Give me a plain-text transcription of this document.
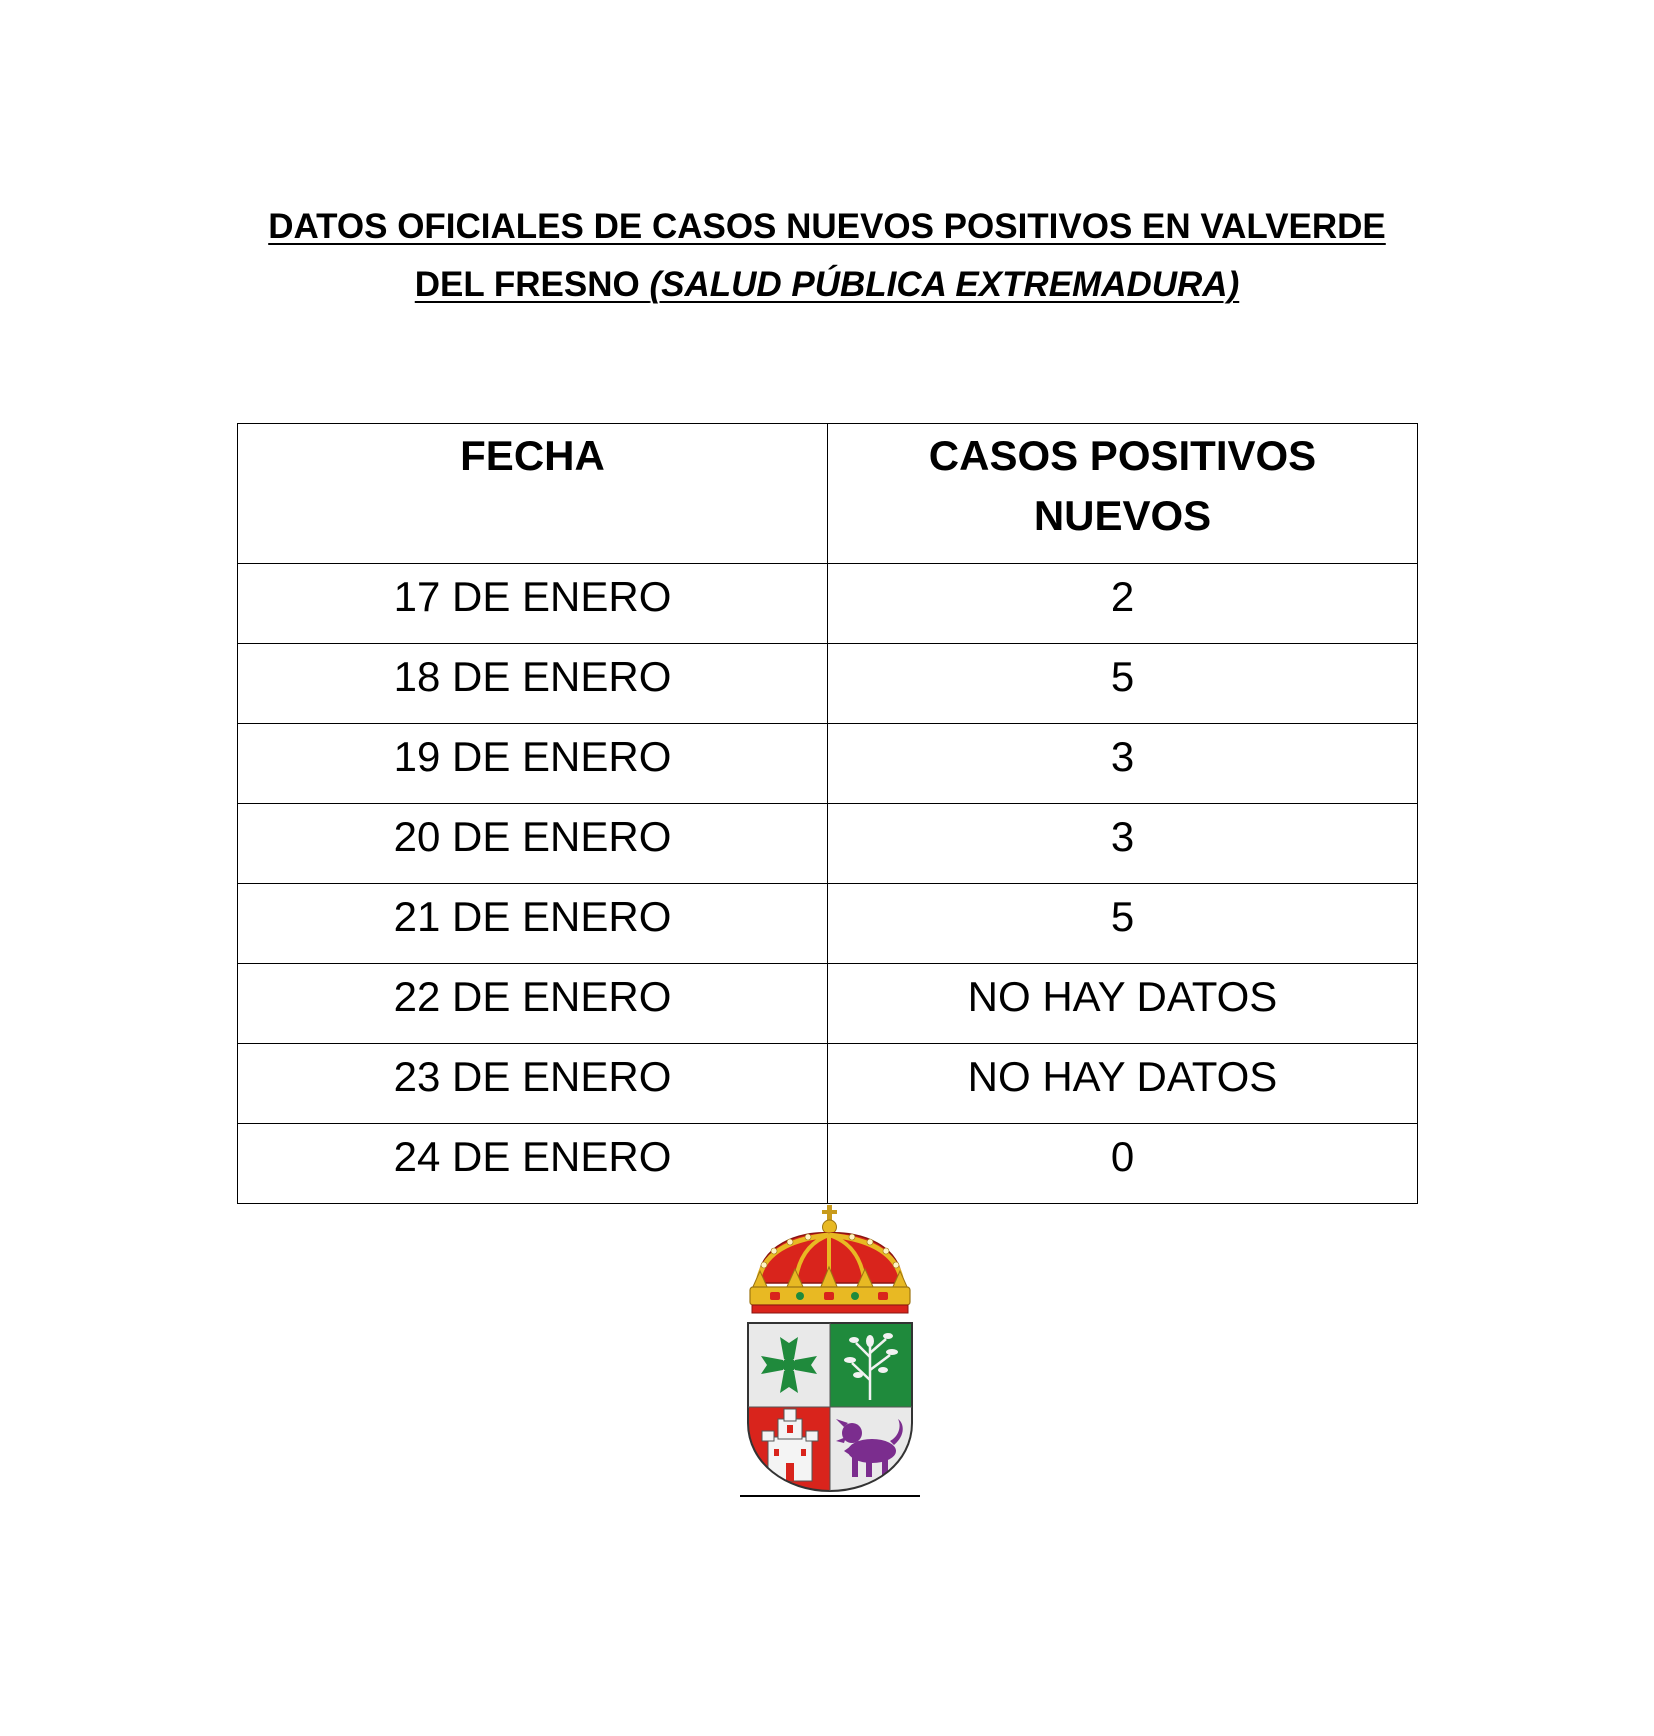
DATOS OFICIALES DE CASOS NUEVOS POSITIVOS EN VALVERDE
DEL FRESNO (SALUD PÚBLICA EXTREMADURA)
FECHA	CASOS POSITIVOS NUEVOS
17 DE ENERO	2
18 DE ENERO	5
19 DE ENERO	3
20 DE ENERO	3
21 DE ENERO	5
22 DE ENERO	NO HAY DATOS
23 DE ENERO	NO HAY DATOS
24 DE ENERO	0
